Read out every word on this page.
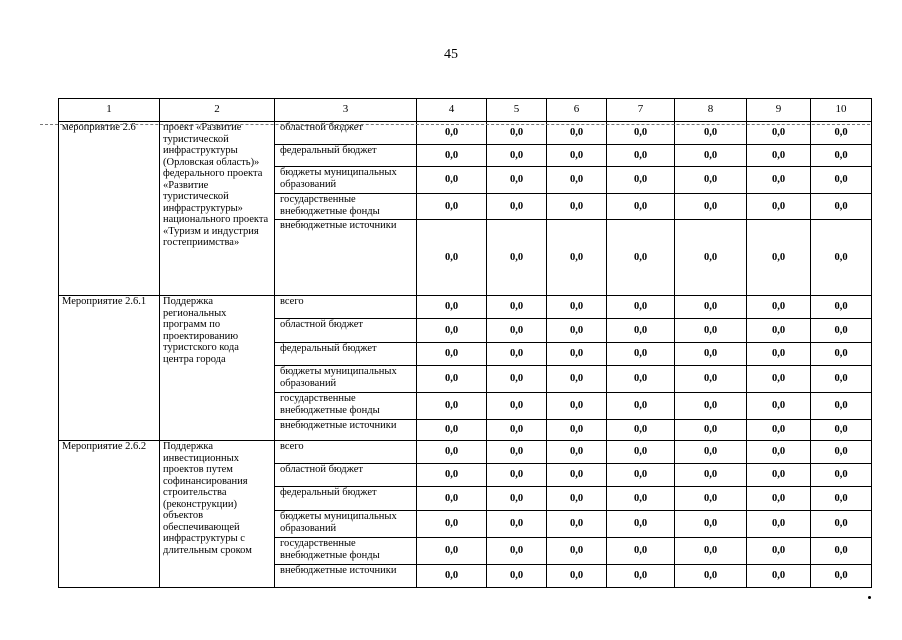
45
1	2	3	4	5	6	7	8	9	10
мероприятие 2.6	проект «Развитие туристической инфраструктуры (Орловская область)» федерального проекта «Развитие туристической инфраструктуры» национального проекта «Туризм и индустрия гостеприимства»	областной бюджет	0,0	0,0	0,0	0,0	0,0	0,0	0,0
		федеральный бюджет	0,0	0,0	0,0	0,0	0,0	0,0	0,0
		бюджеты муниципальных образований	0,0	0,0	0,0	0,0	0,0	0,0	0,0
		государственные внебюджетные фонды	0,0	0,0	0,0	0,0	0,0	0,0	0,0
		внебюджетные источники	0,0	0,0	0,0	0,0	0,0	0,0	0,0
Мероприятие 2.6.1	Поддержка региональных программ по проектированию туристского кода центра города	всего	0,0	0,0	0,0	0,0	0,0	0,0	0,0
		областной бюджет	0,0	0,0	0,0	0,0	0,0	0,0	0,0
		федеральный бюджет	0,0	0,0	0,0	0,0	0,0	0,0	0,0
		бюджеты муниципальных образований	0,0	0,0	0,0	0,0	0,0	0,0	0,0
		государственные внебюджетные фонды	0,0	0,0	0,0	0,0	0,0	0,0	0,0
		внебюджетные источники	0,0	0,0	0,0	0,0	0,0	0,0	0,0
Мероприятие 2.6.2	Поддержка инвестиционных проектов путем софинансирования строительства (реконструкции) объектов обеспечивающей инфраструктуры с длительным сроком	всего	0,0	0,0	0,0	0,0	0,0	0,0	0,0
		областной бюджет	0,0	0,0	0,0	0,0	0,0	0,0	0,0
		федеральный бюджет	0,0	0,0	0,0	0,0	0,0	0,0	0,0
		бюджеты муниципальных образований	0,0	0,0	0,0	0,0	0,0	0,0	0,0
		государственные внебюджетные фонды	0,0	0,0	0,0	0,0	0,0	0,0	0,0
		внебюджетные источники	0,0	0,0	0,0	0,0	0,0	0,0	0,0
